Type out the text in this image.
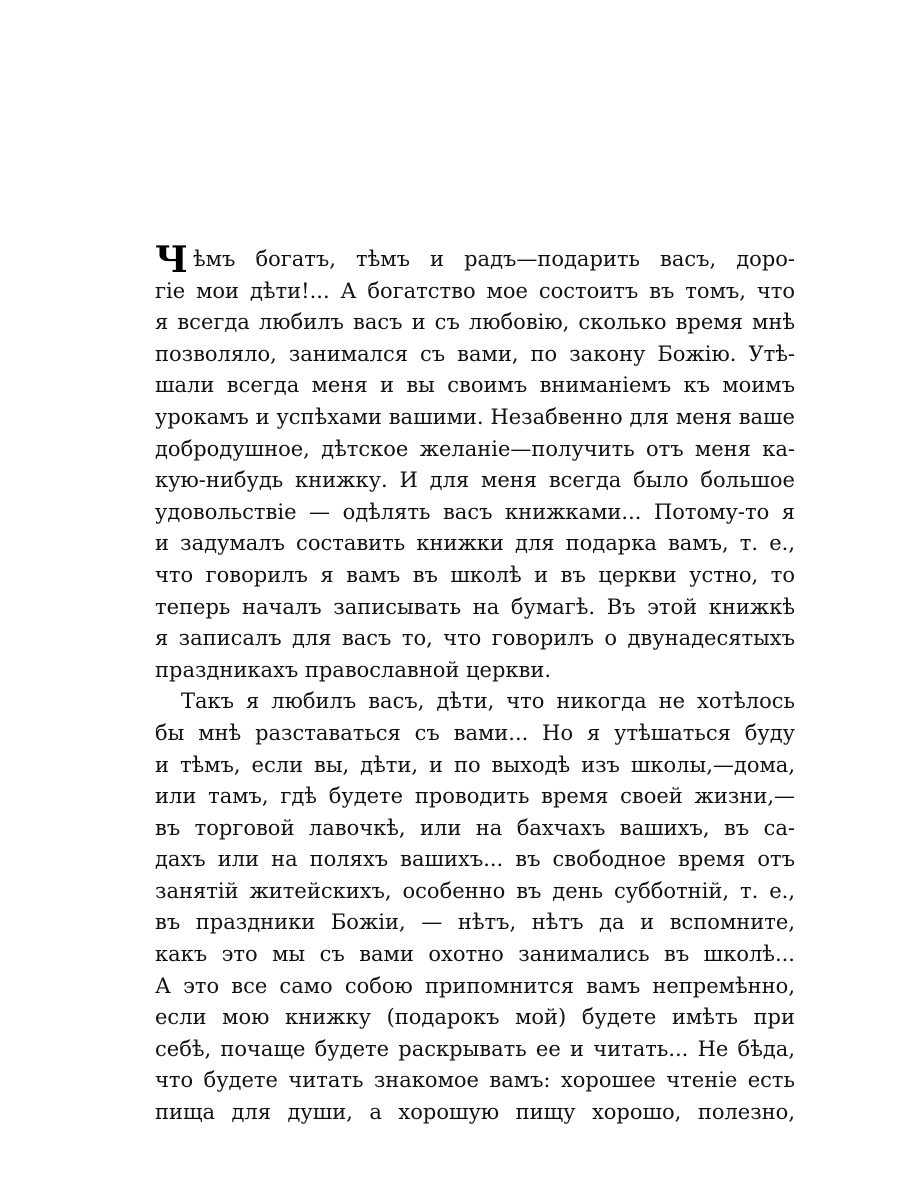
Ч ѣмъ богатъ, тѣмъ и радъ—подарить васъ, доро-
гіе мои дѣти!... А богатство мое состоитъ въ томъ, что
я всегда любилъ васъ и съ любовію, сколько время мнѣ
позволяло, занимался съ вами, по закону Божію. Утѣ-
шали всегда меня и вы своимъ вниманіемъ къ моимъ
урокамъ и успѣхами вашими. Незабвенно для меня ваше
добродушное, дѣтское желаніе—получить отъ меня ка-
кую-нибудь книжку. И для меня всегда было большое
удовольствіе — одѣлять васъ книжками... Потому-то я
и задумалъ составить книжки для подарка вамъ, т. е.,
что говорилъ я вамъ въ школѣ и въ церкви устно, то
теперь началъ записывать на бумагѣ. Въ этой книжкѣ
я записалъ для васъ то, что говорилъ о двунадесятыхъ
праздникахъ православной церкви.
Такъ я любилъ васъ, дѣти, что никогда не хотѣлось
бы мнѣ разставаться съ вами... Но я утѣшаться буду
и тѣмъ, если вы, дѣти, и по выходѣ изъ школы,—дома,
или тамъ, гдѣ будете проводить время своей жизни,—
въ торговой лавочкѣ, или на бахчахъ вашихъ, въ са-
дахъ или на поляхъ вашихъ... въ свободное время отъ
занятій житейскихъ, особенно въ день субботній, т. е.,
въ праздники Божіи, — нѣтъ, нѣтъ да и вспомните,
какъ это мы съ вами охотно занимались въ школѣ...
А это все само собою припомнится вамъ непремѣнно,
если мою книжку (подарокъ мой) будете имѣть при
себѣ, почаще будете раскрывать ее и читать... Не бѣда,
что будете читать знакомое вамъ: хорошее чтеніе есть
пища для души, а хорошую пищу хорошо, полезно,
